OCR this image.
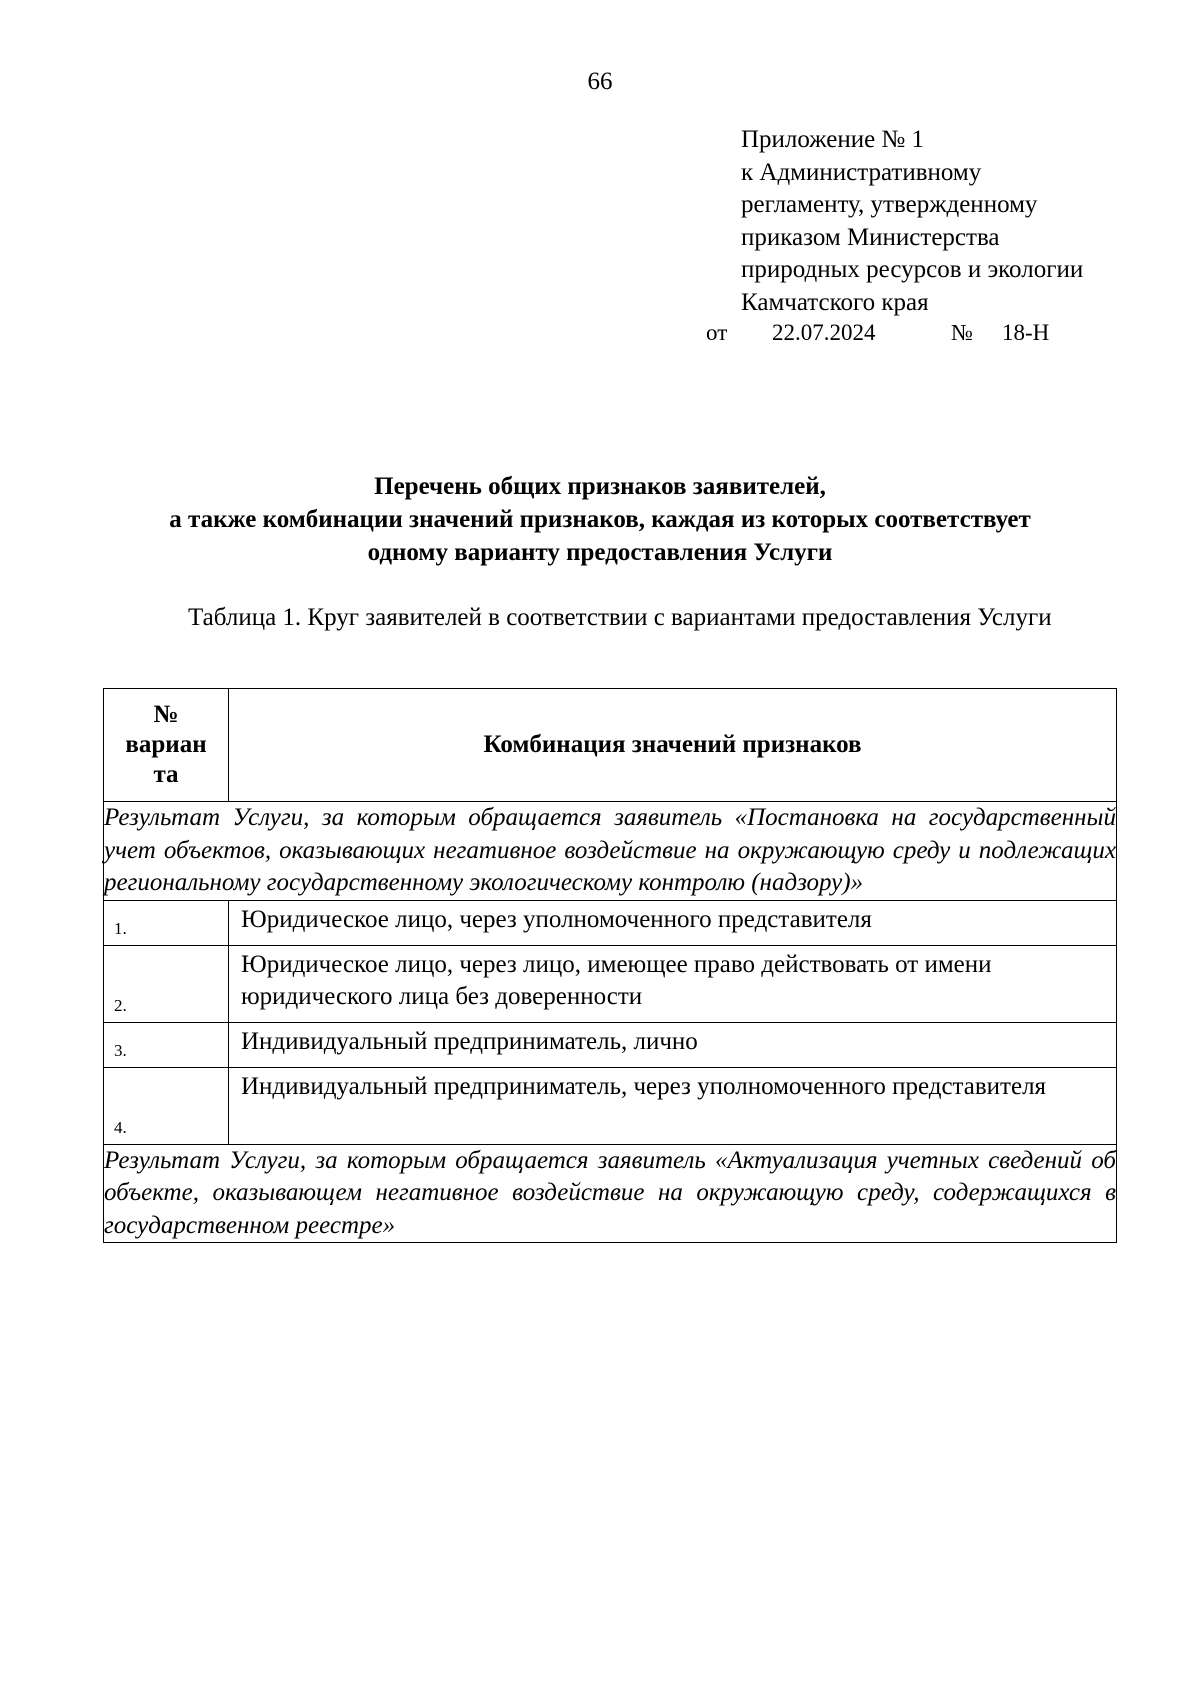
66
Приложение № 1
к Административному
регламенту, утвержденному
приказом Министерства
природных ресурсов и экологии
Камчатского края
от 22.07.2024	№ 18-Н
Перечень общих признаков заявителей,
а также комбинации значений признаков, каждая из которых соответствует
одному варианту предоставления Услуги
Таблица 1. Круг заявителей в соответствии с вариантами предоставления Услуги
№
вариан
та	Комбинация значений признаков
Результат Услуги, за которым обращается заявитель «Постановка на государственный учет объектов, оказывающих негативное воздействие на окружающую среду и подлежащих региональному государственному экологическому контролю (надзору)»	
1.	Юридическое лицо, через уполномоченного представителя
2.	Юридическое лицо, через лицо, имеющее право действовать от имени юридического лица без доверенности
3.	Индивидуальный предприниматель, лично
4.	Индивидуальный предприниматель, через уполномоченного представителя
Результат Услуги, за которым обращается заявитель «Актуализация учетных сведений об объекте, оказывающем негативное воздействие на окружающую среду, содержащихся в государственном реестре»	
